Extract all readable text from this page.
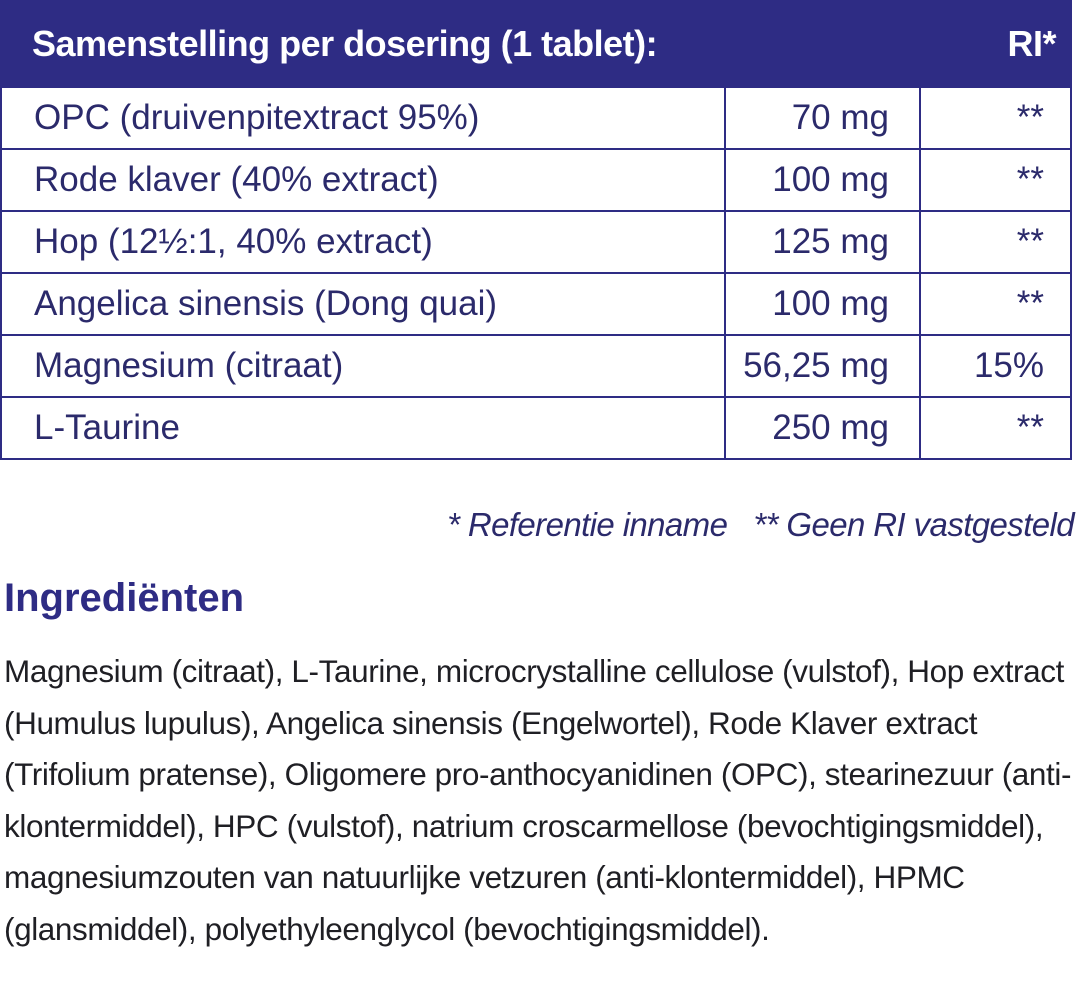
Samenstelling per dosering (1 tablet):		RI*
OPC (druivenpitextract 95%)	70 mg	**
Rode klaver (40% extract)	100 mg	**
Hop (12½:1, 40% extract)	125 mg	**
Angelica sinensis (Dong quai)	100 mg	**
Magnesium (citraat)	56,25 mg	15%
L-Taurine	250 mg	**
* Referentie inname ** Geen RI vastgesteld
Ingrediënten

Magnesium (citraat), L-Taurine, microcrystalline cellulose (vulstof), Hop extract (Humulus lupulus), Angelica sinensis (Engelwortel), Rode Klaver extract (Trifolium pratense), Oligomere pro-anthocyanidinen (OPC), stearinezuur (anti-klontermiddel), HPC (vulstof), natrium croscarmellose (bevochtigingsmiddel), magnesiumzouten van natuurlijke vetzuren (anti-klontermiddel), HPMC (glansmiddel), polyethyleenglycol (bevochtigingsmiddel).
